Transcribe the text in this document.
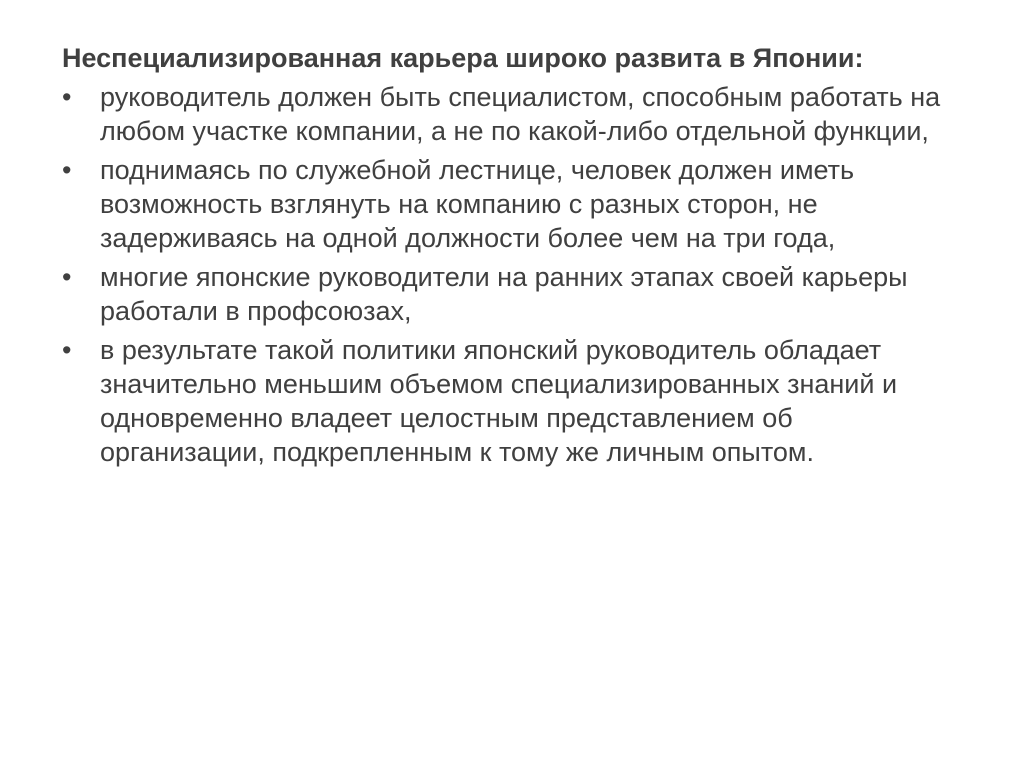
Неспециализированная карьера широко развита в Японии:

•	руководитель должен быть специалистом, способным работать на любом участке компании, а не по какой-либо отдельной функции,
•	поднимаясь по служебной лестнице, человек должен иметь возможность взглянуть на компанию с разных сторон, не задерживаясь на одной должности более чем на три года,
•	многие японские руководители на ранних этапах своей карьеры работали в профсоюзах,
•	в результате такой политики японский руководитель обладает значительно меньшим объемом специализированных знаний и одновременно владеет целостным представлением об организации, подкрепленным к тому же личным опытом.
